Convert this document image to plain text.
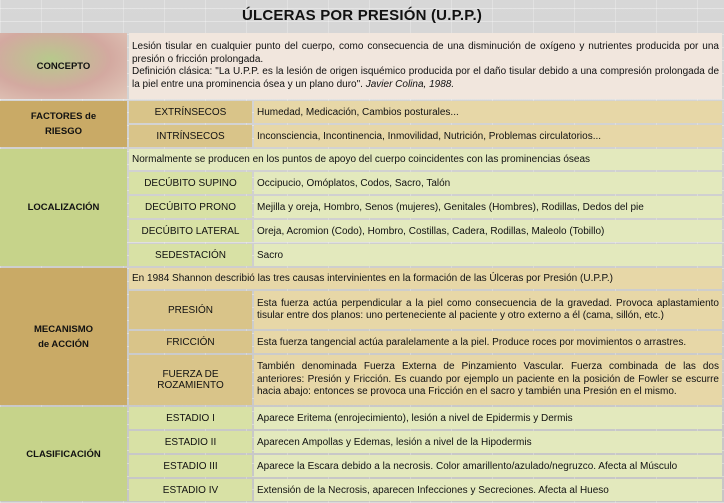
ÚLCERAS POR PRESIÓN (U.P.P.)
CONCEPTO	Lesión tisular en cualquier punto del cuerpo, como consecuencia de una disminución de oxígeno y nutrientes producida por una presión o fricción prolongada.
Definición clásica: "La U.P.P. es la lesión de origen isquémico producida por el daño tisular debido a una compresión prolongada de la piel entre una prominencia ósea y un plano duro". Javier Colina, 1988.	

FACTORES de
RIESGO	EXTRÍNSECOS	Humedad, Medicación, Cambios posturales...
	INTRÍNSECOS	Inconsciencia, Incontinencia, Inmovilidad, Nutrición, Problemas circulatorios...
LOCALIZACIÓN	Normalmente se producen en los puntos de apoyo del cuerpo coincidentes con las prominencias óseas	
	DECÚBITO SUPINO	Occipucio, Omóplatos, Codos, Sacro, Talón
	DECÚBITO PRONO	Mejilla y oreja, Hombro, Senos (mujeres), Genitales (Hombres), Rodillas, Dedos del pie
	DECÚBITO LATERAL	Oreja, Acromion (Codo), Hombro, Costillas, Cadera, Rodillas, Maleolo (Tobillo)
	SEDESTACIÓN	Sacro

MECANISMO
de ACCIÓN	En 1984 Shannon describió las tres causas intervinientes en la formación de las Úlceras por Presión (U.P.P.)	
	PRESIÓN	Esta fuerza actúa perpendicular a la piel como consecuencia de la gravedad. Provoca aplastamiento tisular entre dos planos: uno perteneciente al paciente y otro externo a él (cama, sillón, etc.)
	FRICCIÓN	Esta fuerza tangencial actúa paralelamente a la piel. Produce roces por movimientos o arrastres.

	FUERZA DE
ROZAMIENTO	También denominada Fuerza Externa de Pinzamiento Vascular. Fuerza combinada de las dos anteriores: Presión y Fricción. Es cuando por ejemplo un paciente en la posición de Fowler se escurre hacia abajo: entonces se provoca una Fricción en el sacro y también una Presión en el mismo.
CLASIFICACIÓN	ESTADIO I	Aparece Eritema (enrojecimiento), lesión a nivel de Epidermis y Dermis
	ESTADIO II	Aparecen Ampollas y Edemas, lesión a nivel de la Hipodermis
	ESTADIO III	Aparece la Escara debido a la necrosis. Color amarillento/azulado/negruzco. Afecta al Músculo
	ESTADIO IV	Extensión de la Necrosis, aparecen Infecciones y Secreciones. Afecta al Hueso
